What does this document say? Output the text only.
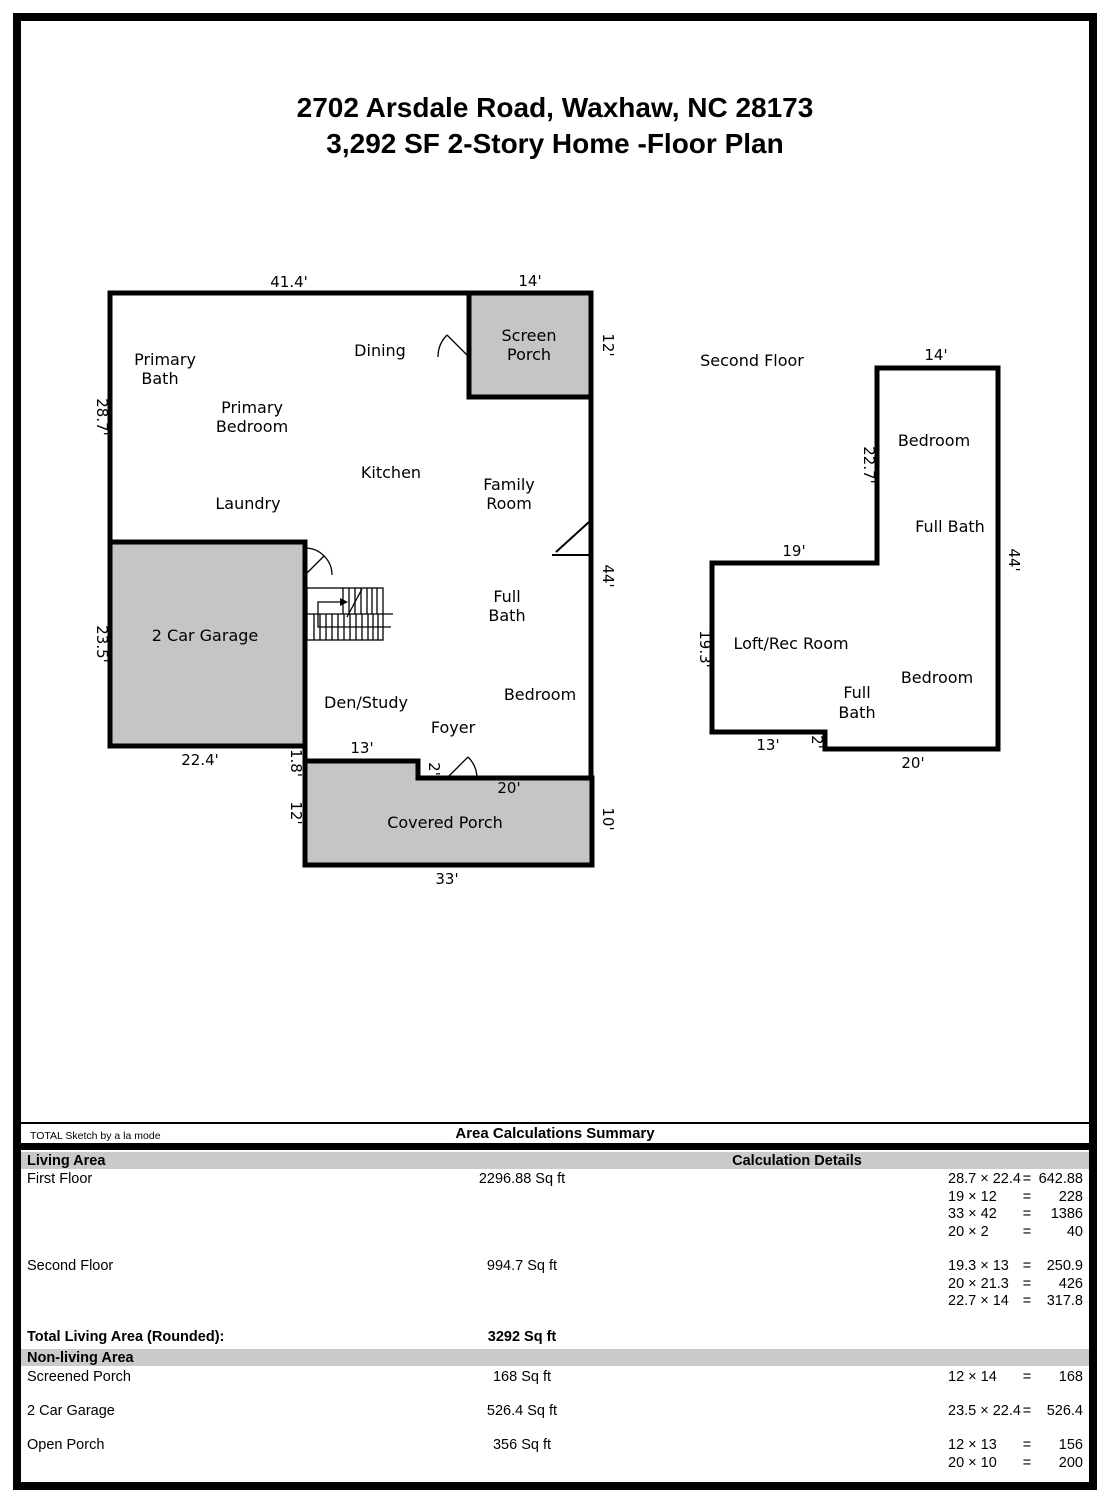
2702 Arsdale Road, Waxhaw, NC 28173
3,292 SF 2-Story Home -Floor Plan
Primary
Bath
Dining
Screen
Porch
Primary
Bedroom
Kitchen
Family
Room
Laundry
2 Car Garage
Full
Bath
Den/Study	Bedroom
Foyer
Covered Porch
41.4'	14'
12'
28.7'
23.5'
22.4'	1.8'
13'
2'
20'
12'	10'
33'
44'
Second Floor
Bedroom
Full Bath
Loft/Rec Room
Full
Bath
Bedroom
14'
22.7'
19'
19.3'
13' 2'
20'
44'
TOTAL Sketch by a la mode	Area Calculations Summary
Living Area	Calculation Details
First Floor	2296.88 Sq ft	28.7 × 22.4 = 642.88
19 × 12	=	228
33 × 42	=	1386
20 × 2	=	40
Second Floor	994.7 Sq ft	19.3 × 13 =	250.9
20 × 21.3 =	426
22.7 × 14 =	317.8
Total Living Area (Rounded):	3292 Sq ft
Non-living Area
Screened Porch	168 Sq ft	12 × 14	=	168
2 Car Garage	526.4 Sq ft	23.5 × 22.4 =	526.4
Open Porch	356 Sq ft	12 × 13	=	156
20 × 10	=	200
